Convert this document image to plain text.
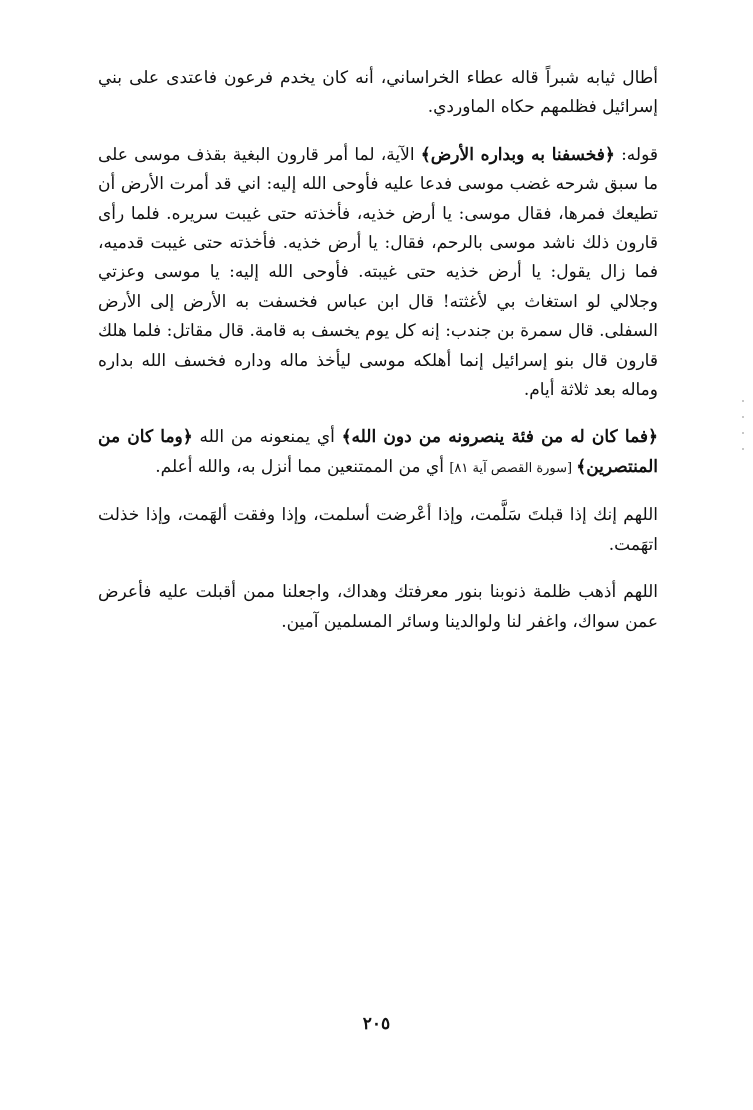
أطال ثيابه شبراً قاله عطاء الخراساني، أنه كان يخدم فرعون فاعتدى على بني إسرائيل فظلمهم حكاه الماوردي.

قوله: ﴿فخسفنا به وبداره الأرض﴾ الآية، لما أمر قارون البغية بقذف موسى على ما سبق شرحه غضب موسى فدعا عليه فأوحى الله إليه: اني قد أمرت الأرض أن تطيعك فمرها، فقال موسى: يا أرض خذيه، فأخذته حتى غيبت سريره. فلما رأى قارون ذلك ناشد موسى بالرحم، فقال: يا أرض خذيه. فأخذته حتى غيبت قدميه، فما زال يقول: يا أرض خذيه حتى غيبته. فأوحى الله إليه: يا موسى وعزتي وجلالي لو استغاث بي لأغثته! قال ابن عباس فخسفت به الأرض إلى الأرض السفلى. قال سمرة بن جندب: إنه كل يوم يخسف به قامة. قال مقاتل: فلما هلك قارون قال بنو إسرائيل إنما أهلكه موسى ليأخذ ماله وداره فخسف الله بداره وماله بعد ثلاثة أيام.

﴿فما كان له من فئة ينصرونه من دون الله﴾ أي يمنعونه من الله ﴿وما كان من المنتصرين﴾ [سورة القصص آية ٨١] أي من الممتنعين مما أنزل به، والله أعلم.

اللهم إنك إذا قبلتَ سَلَّمت، وإذا أعْرضت أسلمت، وإذا وفقت ألهَمت، وإذا خذلت اتهَمت.

اللهم أذهب ظلمة ذنوبنا بنور معرفتك وهداك، واجعلنا ممن أقبلت عليه فأعرض عمن سواك، واغفر لنا ولوالدينا وسائر المسلمين آمين.

٢٠٥
